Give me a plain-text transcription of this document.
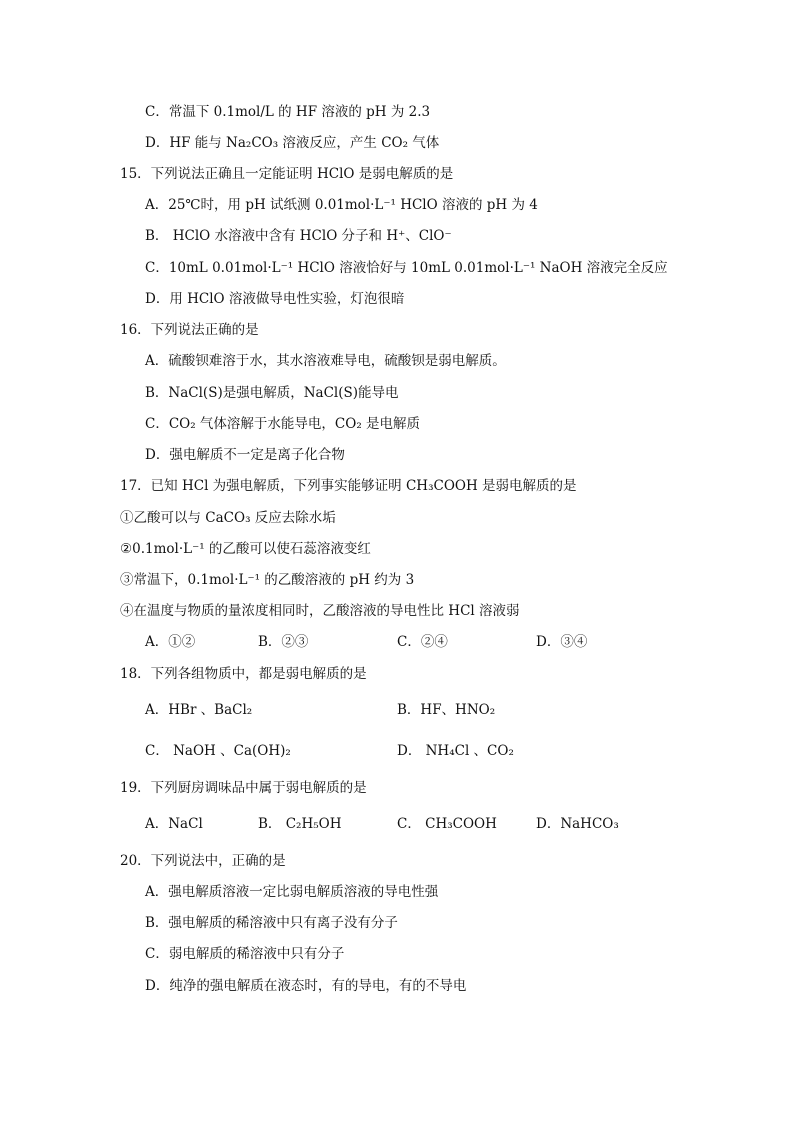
C．常温下 0.1mol/L 的 HF 溶液的 pH 为 2.3
D．HF 能与 Na₂CO₃ 溶液反应，产生 CO₂ 气体
15．下列说法正确且一定能证明 HClO 是弱电解质的是
A．25℃时，用 pH 试纸测 0.01mol·L⁻¹ HClO 溶液的 pH 为 4
B． HClO 水溶液中含有 HClO 分子和 H⁺、ClO⁻
C．10mL 0.01mol·L⁻¹ HClO 溶液恰好与 10mL 0.01mol·L⁻¹ NaOH 溶液完全反应
D．用 HClO 溶液做导电性实验，灯泡很暗
16．下列说法正确的是
A．硫酸钡难溶于水，其水溶液难导电，硫酸钡是弱电解质。
B．NaCl(S)是强电解质，NaCl(S)能导电
C．CO₂ 气体溶解于水能导电，CO₂ 是电解质
D．强电解质不一定是离子化合物
17．已知 HCl 为强电解质，下列事实能够证明 CH₃COOH 是弱电解质的是
①乙酸可以与 CaCO₃ 反应去除水垢
②0.1mol·L⁻¹ 的乙酸可以使石蕊溶液变红
③常温下，0.1mol·L⁻¹ 的乙酸溶液的 pH 约为 3
④在温度与物质的量浓度相同时，乙酸溶液的导电性比 HCl 溶液弱
A．①②	B．②③	C．②④	D．③④
18．下列各组物质中，都是弱电解质的是
A．HBr 、BaCl₂	B．HF、HNO₂
C． NaOH 、Ca(OH)₂	D． NH₄Cl 、CO₂
19．下列厨房调味品中属于弱电解质的是
A．NaCl	B． C₂H₅OH	C． CH₃COOH	D．NaHCO₃
20．下列说法中，正确的是
A．强电解质溶液一定比弱电解质溶液的导电性强
B．强电解质的稀溶液中只有离子没有分子
C．弱电解质的稀溶液中只有分子
D．纯净的强电解质在液态时，有的导电，有的不导电
